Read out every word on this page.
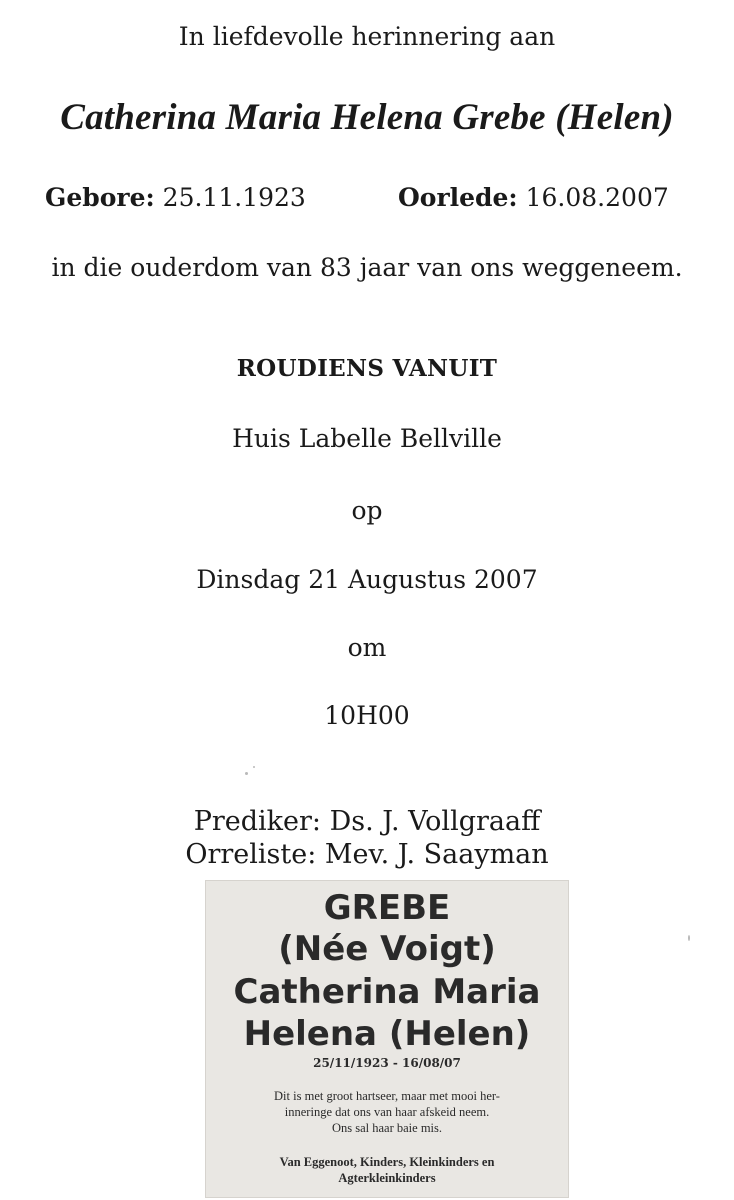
In liefdevolle herinnering aan
Catherina Maria Helena Grebe (Helen)
Gebore: 25.11.1923	Oorlede: 16.08.2007
in die ouderdom van 83 jaar van ons weggeneem.
ROUDIENS VANUIT
Huis Labelle Bellville
op
Dinsdag 21 Augustus 2007
om
10H00
Prediker: Ds. J. Vollgraaff
Orreliste: Mev. J. Saayman
GREBE
(Née Voigt)
Catherina Maria
Helena (Helen)
25/11/1923 - 16/08/07
Dit is met groot hartseer, maar met mooi her-
inneringe dat ons van haar afskeid neem.
Ons sal haar baie mis.
Van Eggenoot, Kinders, Kleinkinders en
Agterkleinkinders
